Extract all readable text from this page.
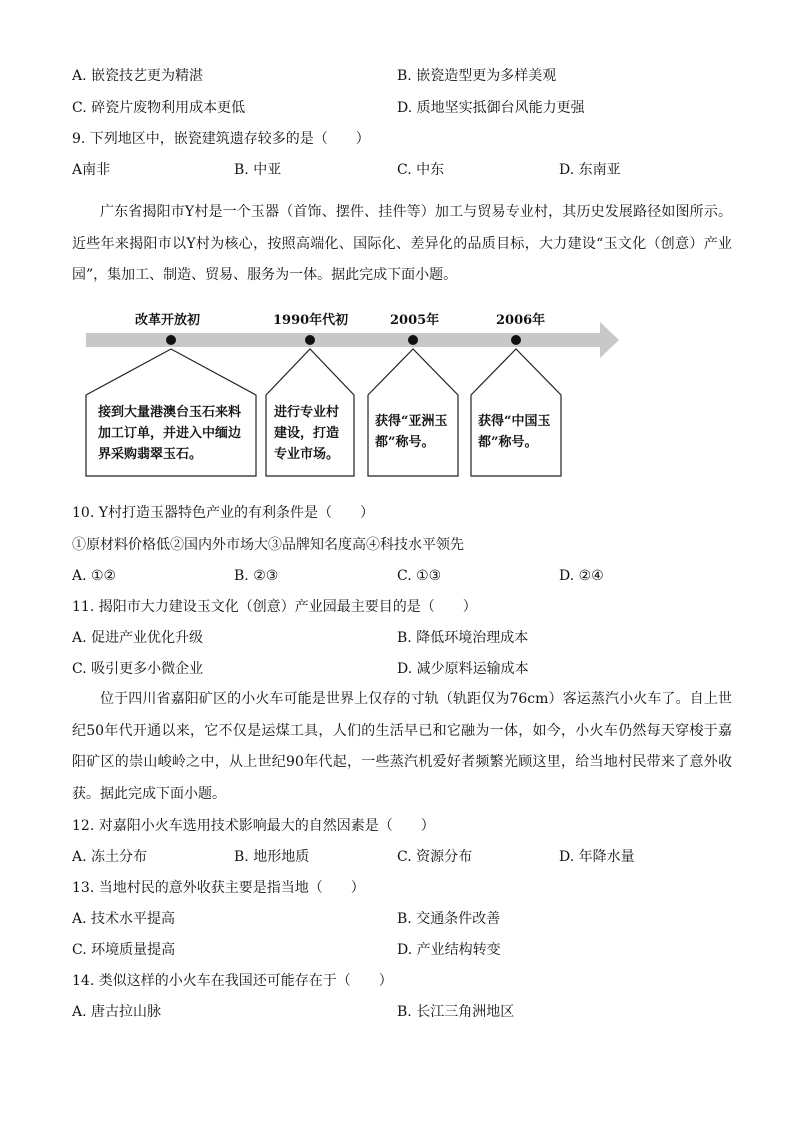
A. 嵌瓷技艺更为精湛	B. 嵌瓷造型更为多样美观
C. 碎瓷片废物利用成本更低	D. 质地坚实抵御台风能力更强
9. 下列地区中，嵌瓷建筑遗存较多的是（　　）
A南非	B. 中亚	C. 中东	D. 东南亚
广东省揭阳市Y村是一个玉器（首饰、摆件、挂件等）加工与贸易专业村，其历史发展路径如图所示。近些年来揭阳市以Y村为核心，按照高端化、国际化、差异化的品质目标，大力建设“玉文化（创意）产业园”，集加工、制造、贸易、服务为一体。据此完成下面小题。
改革开放初	1990年代初	2005年	2006年
接到大量港澳台玉石来料加工订单，并进入中缅边界采购翡翠玉石。
进行专业村建设，打造专业市场。
获得“亚洲玉都”称号。
获得“中国玉都”称号。
10. Y村打造玉器特色产业的有利条件是（　　）
①原材料价格低②国内外市场大③品牌知名度高④科技水平领先
A. ①②	B. ②③	C. ①③	D. ②④
11. 揭阳市大力建设玉文化（创意）产业园最主要目的是（　　）
A. 促进产业优化升级	B. 降低环境治理成本
C. 吸引更多小微企业	D. 减少原料运输成本
位于四川省嘉阳矿区的小火车可能是世界上仅存的寸轨（轨距仅为76cm）客运蒸汽小火车了。自上世纪50年代开通以来，它不仅是运煤工具，人们的生活早已和它融为一体，如今，小火车仍然每天穿梭于嘉阳矿区的崇山峻岭之中，从上世纪90年代起，一些蒸汽机爱好者频繁光顾这里，给当地村民带来了意外收获。据此完成下面小题。
12. 对嘉阳小火车选用技术影响最大的自然因素是（　　）
A. 冻土分布	B. 地形地质	C. 资源分布	D. 年降水量
13. 当地村民的意外收获主要是指当地（　　）
A. 技术水平提高	B. 交通条件改善
C. 环境质量提高	D. 产业结构转变
14. 类似这样的小火车在我国还可能存在于（　　）
A. 唐古拉山脉	B. 长江三角洲地区
